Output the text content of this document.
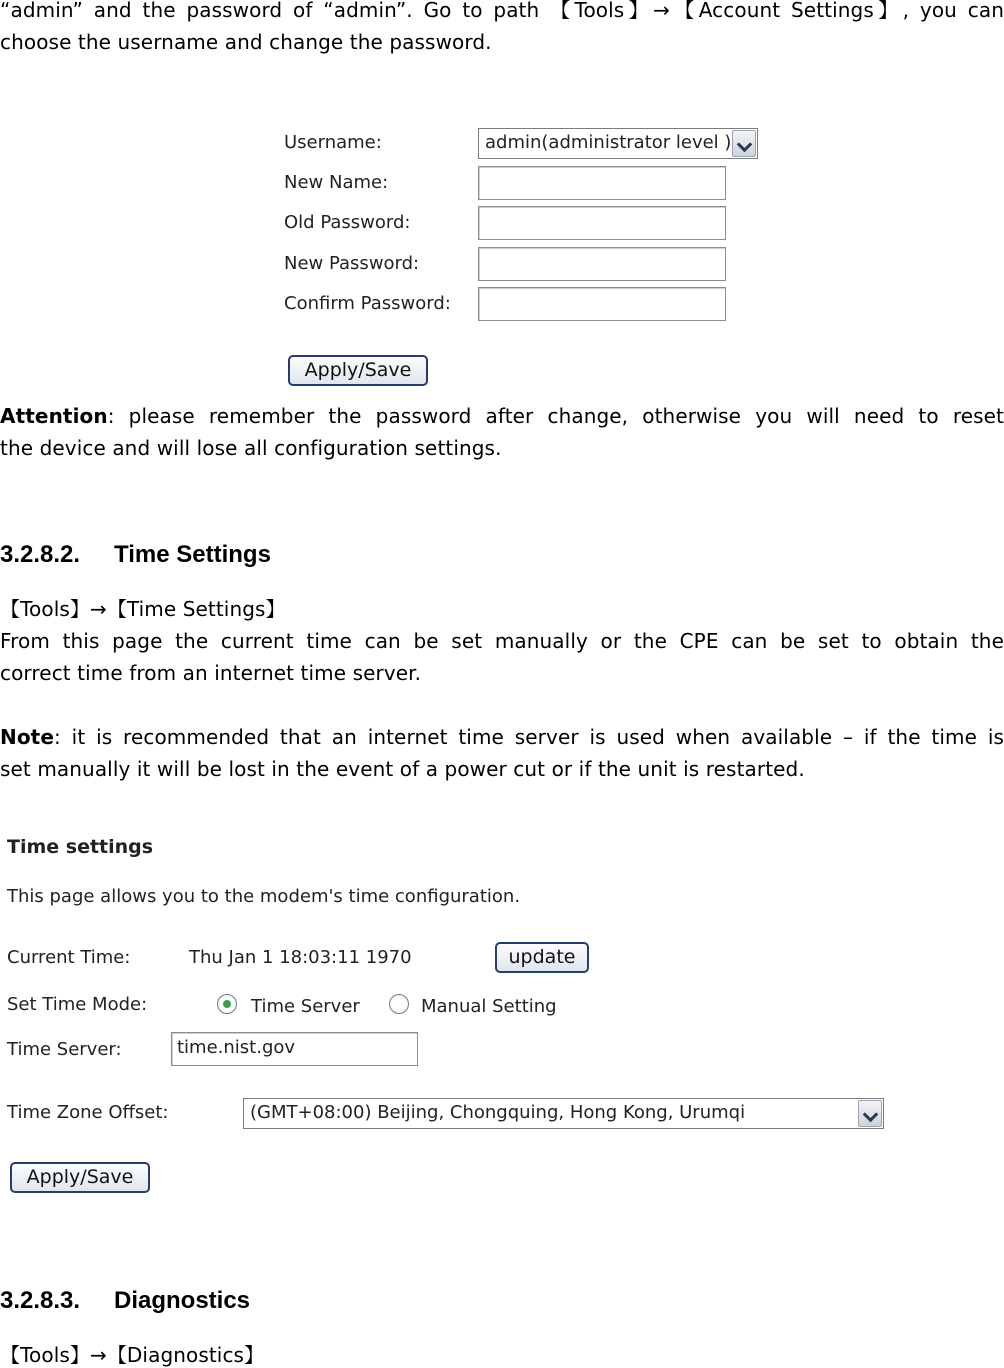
“admin” and the password of “admin”. Go to path 【Tools】→【Account Settings】, you can
choose the username and change the password.
Username:	admin(administrator level )
New Name:
Old Password:
New Password:
Confirm Password:
Apply/Save
Attention: please remember the password after change, otherwise you will need to reset
the device and will lose all configuration settings.
3.2.8.2. Time Settings
【Tools】→【Time Settings】
From this page the current time can be set manually or the CPE can be set to obtain the
correct time from an internet time server.

Note: it is recommended that an internet time server is used when available – if the time is
set manually it will be lost in the event of a power cut or if the unit is restarted.
Time settings
This page allows you to the modem's time configuration.
Current Time:	Thu Jan 1 18:03:11 1970	update
Set Time Mode:	Time Server	Manual Setting
Time Server:	time.nist.gov
Time Zone Offset:	(GMT+08:00) Beijing, Chongquing, Hong Kong, Urumqi
Apply/Save
3.2.8.3. Diagnostics
【Tools】→【Diagnostics】
